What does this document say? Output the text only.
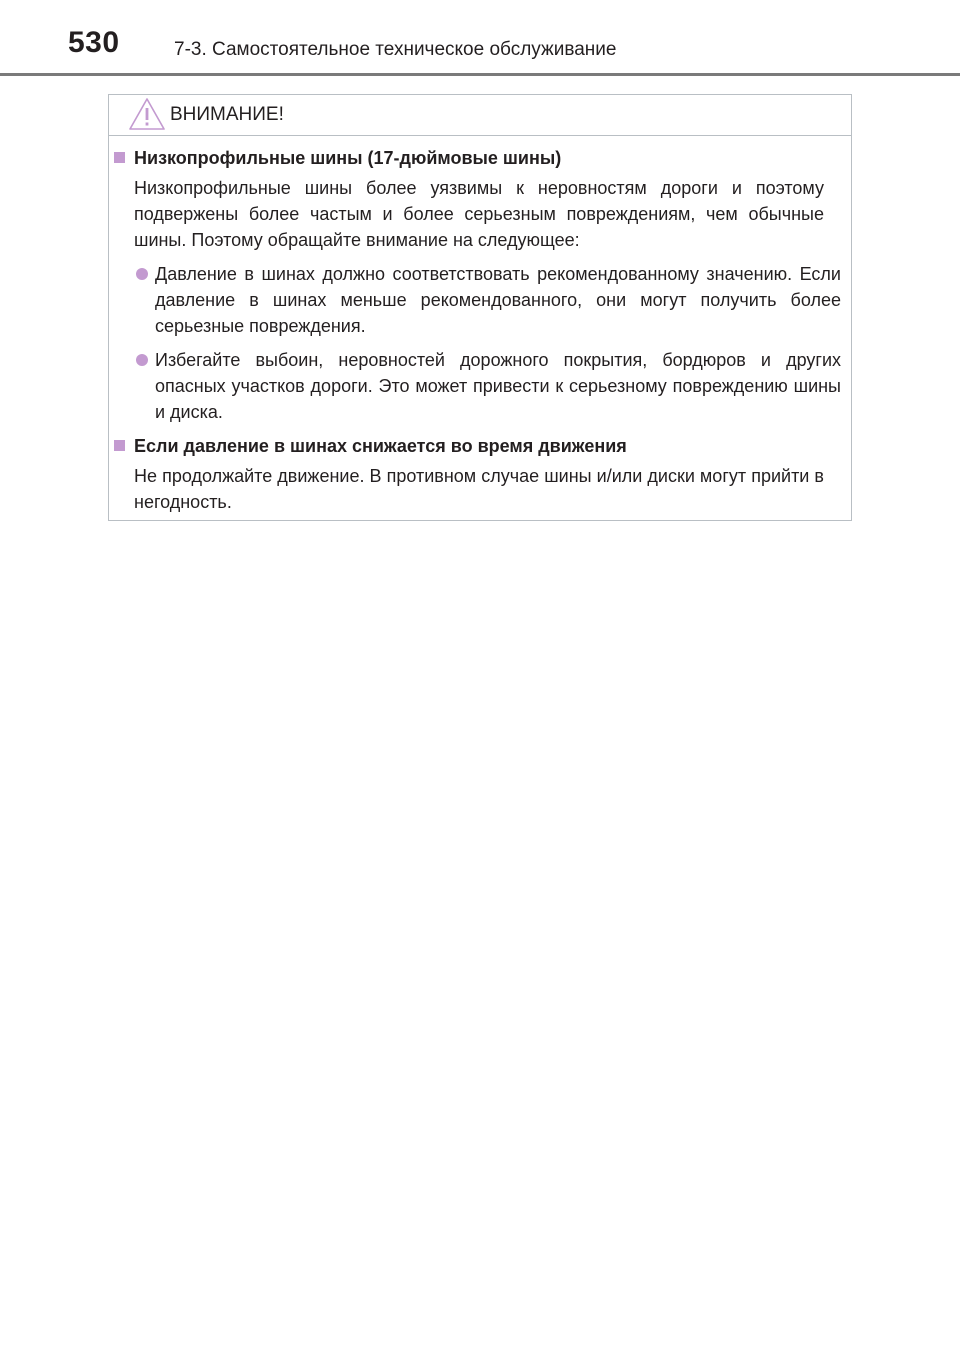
530	7-3. Самостоятельное техническое обслуживание
ВНИМАНИЕ!
Низкопрофильные шины (17-дюймовые шины)

Низкопрофильные шины более уязвимы к неровностям дороги и поэтому подвержены более частым и более серьезным повреждениям, чем обычные шины. Поэтому обращайте внимание на следующее:

Давление в шинах должно соответствовать рекомендованному значению. Если давление в шинах меньше рекомендованного, они могут получить более серьезные повреждения.

Избегайте выбоин, неровностей дорожного покрытия, бордюров и других опасных участков дороги. Это может привести к серьезному повреждению шины и диска.

Если давление в шинах снижается во время движения

Не продолжайте движение. В противном случае шины и/или диски могут прийти в негодность.
